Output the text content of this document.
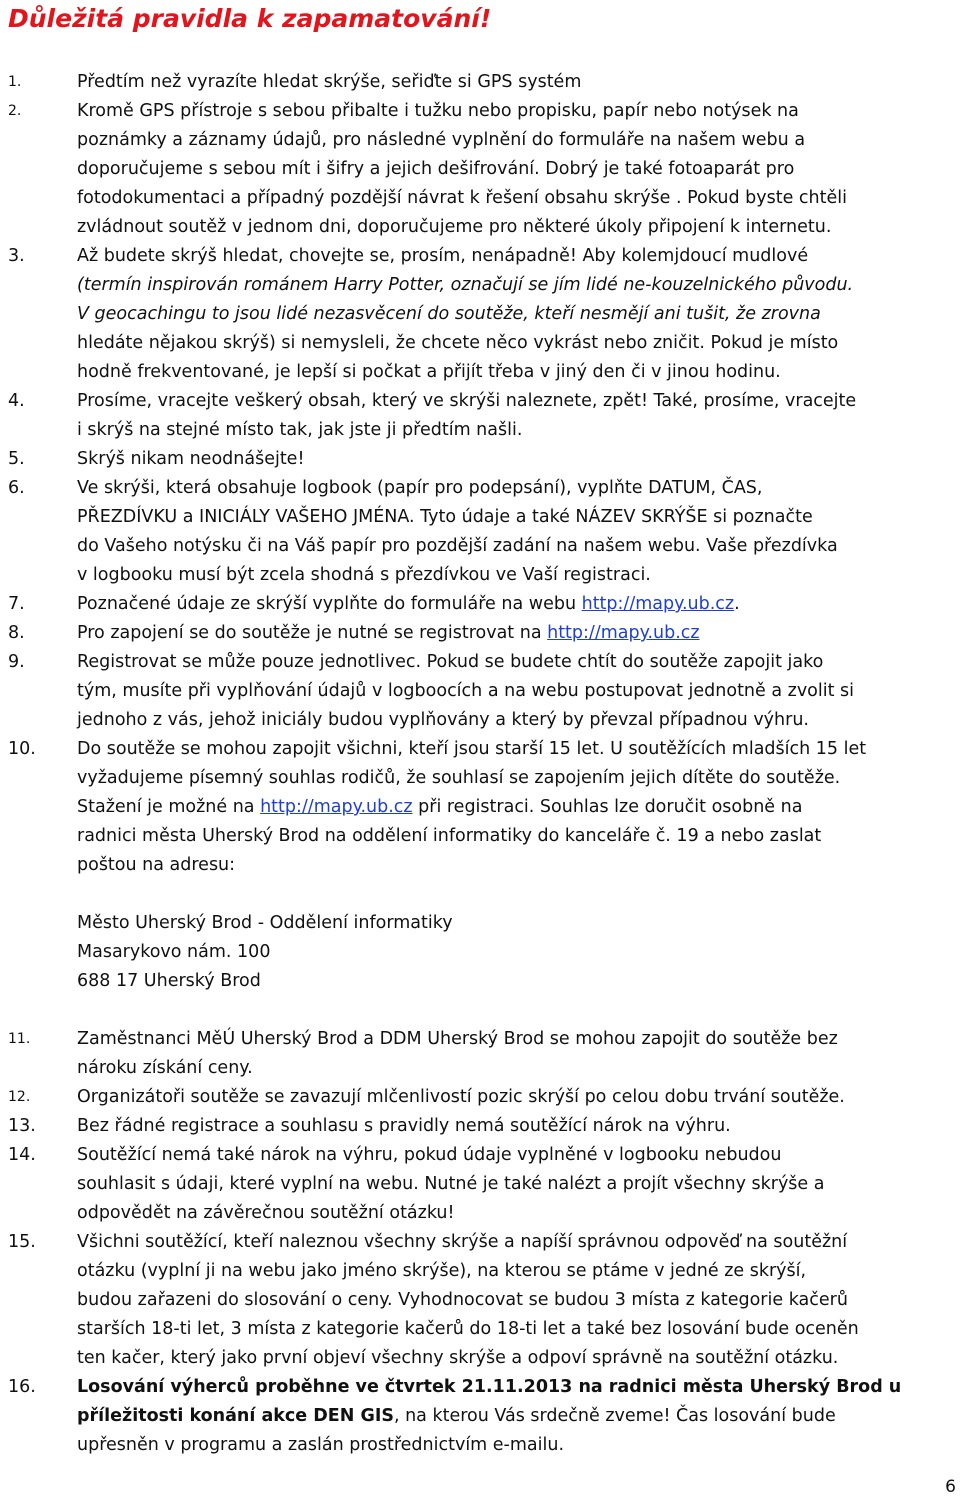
Důležitá pravidla k zapamatování!
1.	Předtím než vyrazíte hledat skrýše, seřiďte si GPS systém
2.	Kromě GPS přístroje s sebou přibalte i tužku nebo propisku, papír nebo notýsek na
poznámky a záznamy údajů, pro následné vyplnění do formuláře na našem webu a
doporučujeme s sebou mít i šifry a jejich dešifrování. Dobrý je také fotoaparát pro
fotodokumentaci a případný pozdější návrat k řešení obsahu skrýše . Pokud byste chtěli
zvládnout soutěž v jednom dni, doporučujeme pro některé úkoly připojení k internetu.
3.	Až budete skrýš hledat, chovejte se, prosím, nenápadně! Aby kolemjdoucí mudlové
(termín inspirován románem Harry Potter, označují se jím lidé ne-kouzelnického původu.
V geocachingu to jsou lidé nezasvěcení do soutěže, kteří nesmějí ani tušit, že zrovna
hledáte nějakou skrýš) si nemysleli, že chcete něco vykrást nebo zničit. Pokud je místo
hodně frekventované, je lepší si počkat a přijít třeba v jiný den či v jinou hodinu.
4.	Prosíme, vracejte veškerý obsah, který ve skrýši naleznete, zpět! Také, prosíme, vracejte
i skrýš na stejné místo tak, jak jste ji předtím našli.
5.	Skrýš nikam neodnášejte!
6.	Ve skrýši, která obsahuje logbook (papír pro podepsání), vyplňte DATUM, ČAS,
PŘEZDÍVKU a INICIÁLY VAŠEHO JMÉNA. Tyto údaje a také NÁZEV SKRÝŠE si poznačte
do Vašeho notýsku či na Váš papír pro pozdější zadání na našem webu. Vaše přezdívka
v logbooku musí být zcela shodná s přezdívkou ve Vaší registraci.
7.	Poznačené údaje ze skrýší vyplňte do formuláře na webu http://mapy.ub.cz.
8.	Pro zapojení se do soutěže je nutné se registrovat na http://mapy.ub.cz
9.	Registrovat se může pouze jednotlivec. Pokud se budete chtít do soutěže zapojit jako
tým, musíte při vyplňování údajů v logboocích a na webu postupovat jednotně a zvolit si
jednoho z vás, jehož iniciály budou vyplňovány a který by převzal případnou výhru.
10. Do soutěže se mohou zapojit všichni, kteří jsou starší 15 let. U soutěžících mladších 15 let
vyžadujeme písemný souhlas rodičů, že souhlasí se zapojením jejich dítěte do soutěže.
Stažení je možné na http://mapy.ub.cz při registraci. Souhlas lze doručit osobně na
radnici města Uherský Brod na oddělení informatiky do kanceláře č. 19 a nebo zaslat
poštou na adresu:
Město Uherský Brod - Oddělení informatiky
Masarykovo nám. 100
688 17 Uherský Brod
11.	Zaměstnanci MěÚ Uherský Brod a DDM Uherský Brod se mohou zapojit do soutěže bez
nároku získání ceny.
12.	Organizátoři soutěže se zavazují mlčenlivostí pozic skrýší po celou dobu trvání soutěže.
13. Bez řádné registrace a souhlasu s pravidly nemá soutěžící nárok na výhru.
14. Soutěžící nemá také nárok na výhru, pokud údaje vyplněné v logbooku nebudou
souhlasit s údaji, které vyplní na webu. Nutné je také nalézt a projít všechny skrýše a
odpovědět na závěrečnou soutěžní otázku!
15. Všichni soutěžící, kteří naleznou všechny skrýše a napíší správnou odpověď na soutěžní
otázku (vyplní ji na webu jako jméno skrýše), na kterou se ptáme v jedné ze skrýší,
budou zařazeni do slosování o ceny. Vyhodnocovat se budou 3 místa z kategorie kačerů
starších 18-ti let, 3 místa z kategorie kačerů do 18-ti let a také bez losování bude oceněn
ten kačer, který jako první objeví všechny skrýše a odpoví správně na soutěžní otázku.
16. Losování výherců proběhne ve čtvrtek 21.11.2013 na radnici města Uherský Brod u
příležitosti konání akce DEN GIS, na kterou Vás srdečně zveme! Čas losování bude
upřesněn v programu a zaslán prostřednictvím e-mailu.
6
